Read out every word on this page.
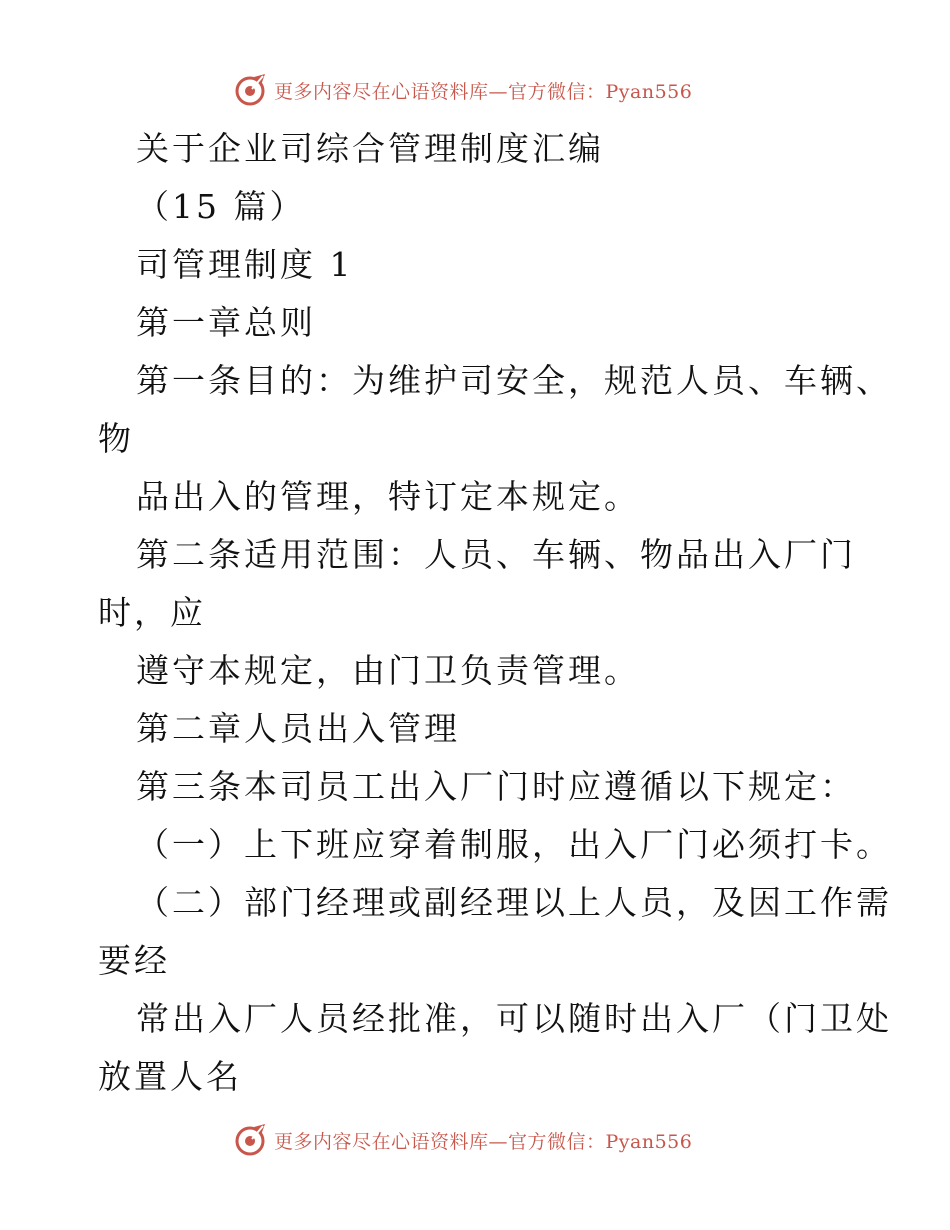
更多内容尽在心语资料库—官方微信：Pyan556
关于企业司综合管理制度汇编
（15 篇）
司管理制度 1
第一章总则
第一条目的：为维护司安全，规范人员、车辆、
物
品出入的管理，特订定本规定。
第二条适用范围：人员、车辆、物品出入厂门
时，应
遵守本规定，由门卫负责管理。
第二章人员出入管理
第三条本司员工出入厂门时应遵循以下规定：
（一）上下班应穿着制服，出入厂门必须打卡。
（二）部门经理或副经理以上人员，及因工作需
要经
常出入厂人员经批准，可以随时出入厂（门卫处
放置人名
更多内容尽在心语资料库—官方微信：Pyan556
